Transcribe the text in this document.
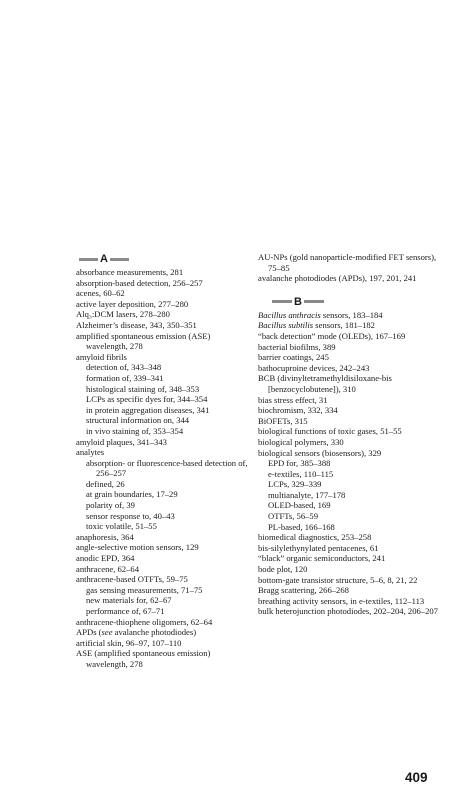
A
absorbance measurements, 281
absorption-based detection, 256–257
acenes, 60–62
active layer deposition, 277–280
Alq₃:DCM lasers, 278–280
Alzheimer’s disease, 343, 350–351
amplified spontaneous emission (ASE) wavelength, 278
amyloid fibrils
detection of, 343–348
formation of, 339–341
histological staining of, 348–353
LCPs as specific dyes for, 344–354
in protein aggregation diseases, 341
structural information on, 344
in vivo staining of, 353–354
amyloid plaques, 341–343
analytes
absorption- or fluorescence-based detection of, 256–257
defined, 26
at grain boundaries, 17–29
polarity of, 39
sensor response to, 40–43
toxic volatile, 51–55
anaphoresis, 364
angle-selective motion sensors, 129
anodic EPD, 364
anthracene, 62–64
anthracene-based OTFTs, 59–75
gas sensing measurements, 71–75
new materials for, 62–67
performance of, 67–71
anthracene-thiophene oligomers, 62–64
APDs (see avalanche photodiodes)
artificial skin, 96–97, 107–110
ASE (amplified spontaneous emission) wavelength, 278
AU-NPs (gold nanoparticle-modified FET sensors), 75–85
avalanche photodiodes (APDs), 197, 201, 241
B
Bacillus anthracis sensors, 183–184
Bacillus subtilis sensors, 181–182
“back detection” mode (OLEDs), 167–169
bacterial biofilms, 389
barrier coatings, 245
bathocuproine devices, 242–243
BCB (divinyltetramethyldisiloxane-bis [benzocyclobutene]), 310
bias stress effect, 31
biochromism, 332, 334
BiOFETs, 315
biological functions of toxic gases, 51–55
biological polymers, 330
biological sensors (biosensors), 329
EPD for, 385–388
e-textiles, 110–115
LCPs, 329–339
multianalyte, 177–178
OLED-based, 169
OTFTs, 56–59
PL-based, 166–168
biomedical diagnostics, 253–258
bis-silylethynylated pentacenes, 61
“black” organic semiconductors, 241
bode plot, 120
bottom-gate transistor structure, 5–6, 8, 21, 22
Bragg scattering, 266–268
breathing activity sensors, in e-textiles, 112–113
bulk heterojunction photodiodes, 202–204, 206–207
409
